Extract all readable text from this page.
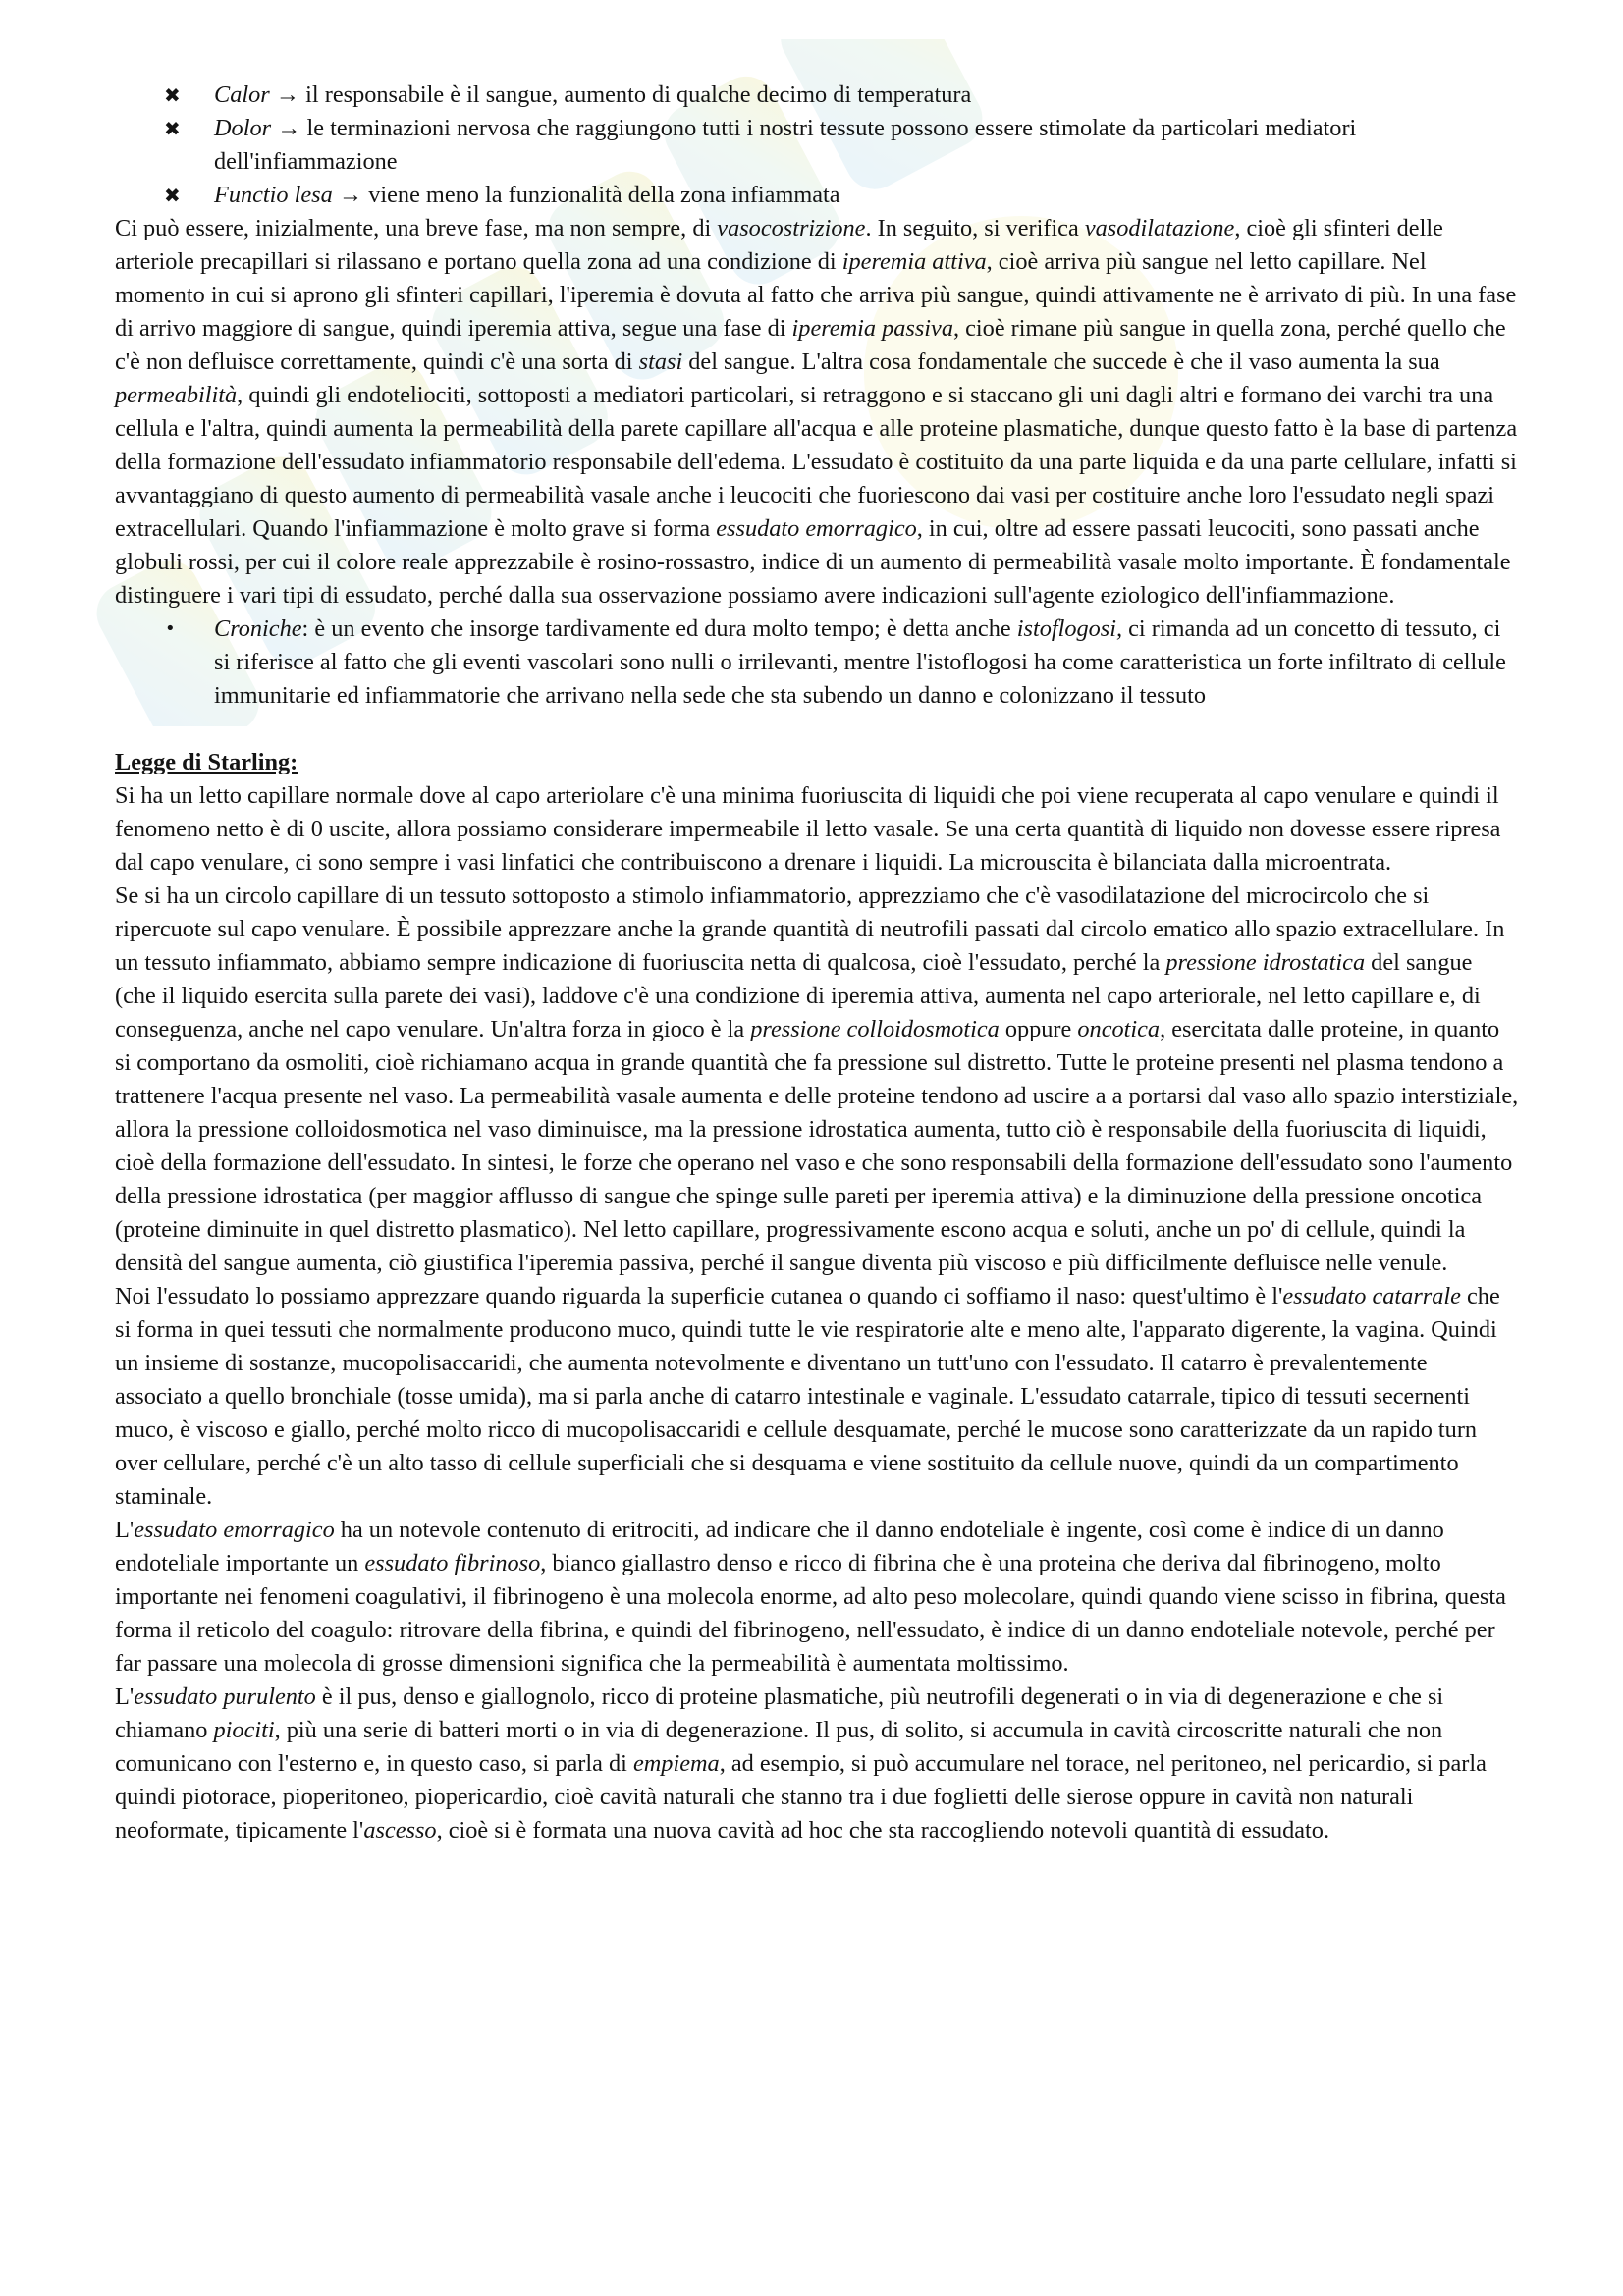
✖ Calor → il responsabile è il sangue, aumento di qualche decimo di temperatura
✖ Dolor → le terminazioni nervosa che raggiungono tutti i nostri tessute possono essere stimolate da particolari mediatori dell'infiammazione
✖ Functio lesa → viene meno la funzionalità della zona infiammata

Ci può essere, inizialmente, una breve fase, ma non sempre, di vasocostrizione. In seguito, si verifica vasodilatazione, cioè gli sfinteri delle arteriole precapillari si rilassano e portano quella zona ad una condizione di iperemia attiva, cioè arriva più sangue nel letto capillare. Nel momento in cui si aprono gli sfinteri capillari, l'iperemia è dovuta al fatto che arriva più sangue, quindi attivamente ne è arrivato di più. In una fase di arrivo maggiore di sangue, quindi iperemia attiva, segue una fase di iperemia passiva, cioè rimane più sangue in quella zona, perché quello che c'è non defluisce correttamente, quindi c'è una sorta di stasi del sangue. L'altra cosa fondamentale che succede è che il vaso aumenta la sua permeabilità, quindi gli endoteliociti, sottoposti a mediatori particolari, si retraggono e si staccano gli uni dagli altri e formano dei varchi tra una cellula e l'altra, quindi aumenta la permeabilità della parete capillare all'acqua e alle proteine plasmatiche, dunque questo fatto è la base di partenza della formazione dell'essudato infiammatorio responsabile dell'edema. L'essudato è costituito da una parte liquida e da una parte cellulare, infatti si avvantaggiano di questo aumento di permeabilità vasale anche i leucociti che fuoriescono dai vasi per costituire anche loro l'essudato negli spazi extracellulari. Quando l'infiammazione è molto grave si forma essudato emorragico, in cui, oltre ad essere passati leucociti, sono passati anche globuli rossi, per cui il colore reale apprezzabile è rosino-rossastro, indice di un aumento di permeabilità vasale molto importante. È fondamentale distinguere i vari tipi di essudato, perché dalla sua osservazione possiamo avere indicazioni sull'agente eziologico dell'infiammazione.

• Croniche: è un evento che insorge tardivamente ed dura molto tempo; è detta anche istoflogosi, ci rimanda ad un concetto di tessuto, ci si riferisce al fatto che gli eventi vascolari sono nulli o irrilevanti, mentre l'istoflogosi ha come caratteristica un forte infiltrato di cellule immunitarie ed infiammatorie che arrivano nella sede che sta subendo un danno e colonizzano il tessuto

Legge di Starling:

Si ha un letto capillare normale dove al capo arteriolare c'è una minima fuoriuscita di liquidi che poi viene recuperata al capo venulare e quindi il fenomeno netto è di 0 uscite, allora possiamo considerare impermeabile il letto vasale. Se una certa quantità di liquido non dovesse essere ripresa dal capo venulare, ci sono sempre i vasi linfatici che contribuiscono a drenare i liquidi. La microuscita è bilanciata dalla microentrata.

Se si ha un circolo capillare di un tessuto sottoposto a stimolo infiammatorio, apprezziamo che c'è vasodilatazione del microcircolo che si ripercuote sul capo venulare. È possibile apprezzare anche la grande quantità di neutrofili passati dal circolo ematico allo spazio extracellulare. In un tessuto infiammato, abbiamo sempre indicazione di fuoriuscita netta di qualcosa, cioè l'essudato, perché la pressione idrostatica del sangue (che il liquido esercita sulla parete dei vasi), laddove c'è una condizione di iperemia attiva, aumenta nel capo arteriorale, nel letto capillare e, di conseguenza, anche nel capo venulare. Un'altra forza in gioco è la pressione colloidosmotica oppure oncotica, esercitata dalle proteine, in quanto si comportano da osmoliti, cioè richiamano acqua in grande quantità che fa pressione sul distretto. Tutte le proteine presenti nel plasma tendono a trattenere l'acqua presente nel vaso. La permeabilità vasale aumenta e delle proteine tendono ad uscire a a portarsi dal vaso allo spazio interstiziale, allora la pressione colloidosmotica nel vaso diminuisce, ma la pressione idrostatica aumenta, tutto ciò è responsabile della fuoriuscita di liquidi, cioè della formazione dell'essudato. In sintesi, le forze che operano nel vaso e che sono responsabili della formazione dell'essudato sono l'aumento della pressione idrostatica (per maggior afflusso di sangue che spinge sulle pareti per iperemia attiva) e la diminuzione della pressione oncotica (proteine diminuite in quel distretto plasmatico). Nel letto capillare, progressivamente escono acqua e soluti, anche un po' di cellule, quindi la densità del sangue aumenta, ciò giustifica l'iperemia passiva, perché il sangue diventa più viscoso e più difficilmente defluisce nelle venule.

Noi l'essudato lo possiamo apprezzare quando riguarda la superficie cutanea o quando ci soffiamo il naso: quest'ultimo è l'essudato catarrale che si forma in quei tessuti che normalmente producono muco, quindi tutte le vie respiratorie alte e meno alte, l'apparato digerente, la vagina. Quindi un insieme di sostanze, mucopolisaccaridi, che aumenta notevolmente e diventano un tutt'uno con l'essudato. Il catarro è prevalentemente associato a quello bronchiale (tosse umida), ma si parla anche di catarro intestinale e vaginale. L'essudato catarrale, tipico di tessuti secernenti muco, è viscoso e giallo, perché molto ricco di mucopolisaccaridi e cellule desquamate, perché le mucose sono caratterizzate da un rapido turn over cellulare, perché c'è un alto tasso di cellule superficiali che si desquama e viene sostituito da cellule nuove, quindi da un compartimento staminale.

L'essudato emorragico ha un notevole contenuto di eritrociti, ad indicare che il danno endoteliale è ingente, così come è indice di un danno endoteliale importante un essudato fibrinoso, bianco giallastro denso e ricco di fibrina che è una proteina che deriva dal fibrinogeno, molto importante nei fenomeni coagulativi, il fibrinogeno è una molecola enorme, ad alto peso molecolare, quindi quando viene scisso in fibrina, questa forma il reticolo del coagulo: ritrovare della fibrina, e quindi del fibrinogeno, nell'essudato, è indice di un danno endoteliale notevole, perché per far passare una molecola di grosse dimensioni significa che la permeabilità è aumentata moltissimo.

L'essudato purulento è il pus, denso e giallognolo, ricco di proteine plasmatiche, più neutrofili degenerati o in via di degenerazione e che si chiamano piociti, più una serie di batteri morti o in via di degenerazione. Il pus, di solito, si accumula in cavità circoscritte naturali che non comunicano con l'esterno e, in questo caso, si parla di empiema, ad esempio, si può accumulare nel torace, nel peritoneo, nel pericardio, si parla quindi piotorace, pioperitoneo, piopericardio, cioè cavità naturali che stanno tra i due foglietti delle sierose oppure in cavità non naturali neoformate, tipicamente l'ascesso, cioè si è formata una nuova cavità ad hoc che sta raccogliendo notevoli quantità di essudato.
